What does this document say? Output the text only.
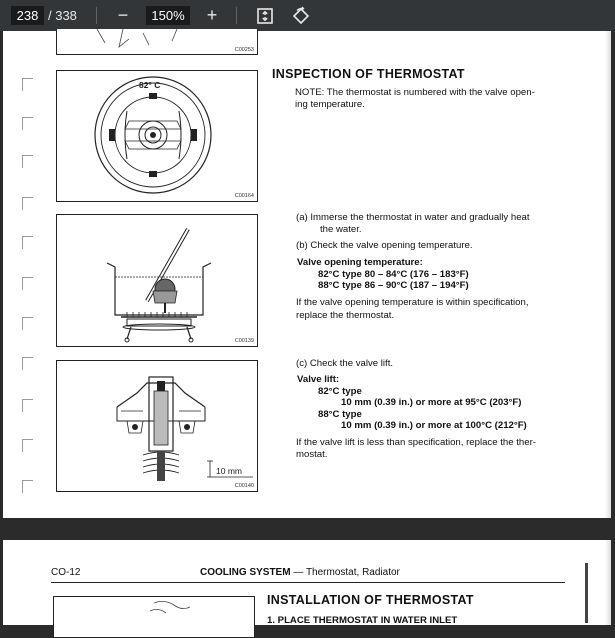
238 / 338 −	150% +
C00253
82° C
C00164
C00139
10 mm
C00140
INSPECTION OF THERMOSTAT
NOTE: The thermostat is numbered with the valve open-
ing temperature.
(a) Immerse the thermostat in water and gradually heat
the water.
(b) Check the valve opening temperature.
Valve opening temperature:
82°C type 80 – 84°C (176 – 183°F)
88°C type 86 – 90°C (187 – 194°F)
If the valve opening temperature is within specification,
replace the thermostat.
(c) Check the valve lift.
Valve lift:
82°C type
10 mm (0.39 in.) or more at 95°C (203°F)
88°C type
10 mm (0.39 in.) or more at 100°C (212°F)
If the valve lift is less than specification, replace the ther-
mostat.
CO-12	COOLING SYSTEM — Thermostat, Radiator
INSTALLATION OF THERMOSTAT
1. PLACE THERMOSTAT IN WATER INLET
